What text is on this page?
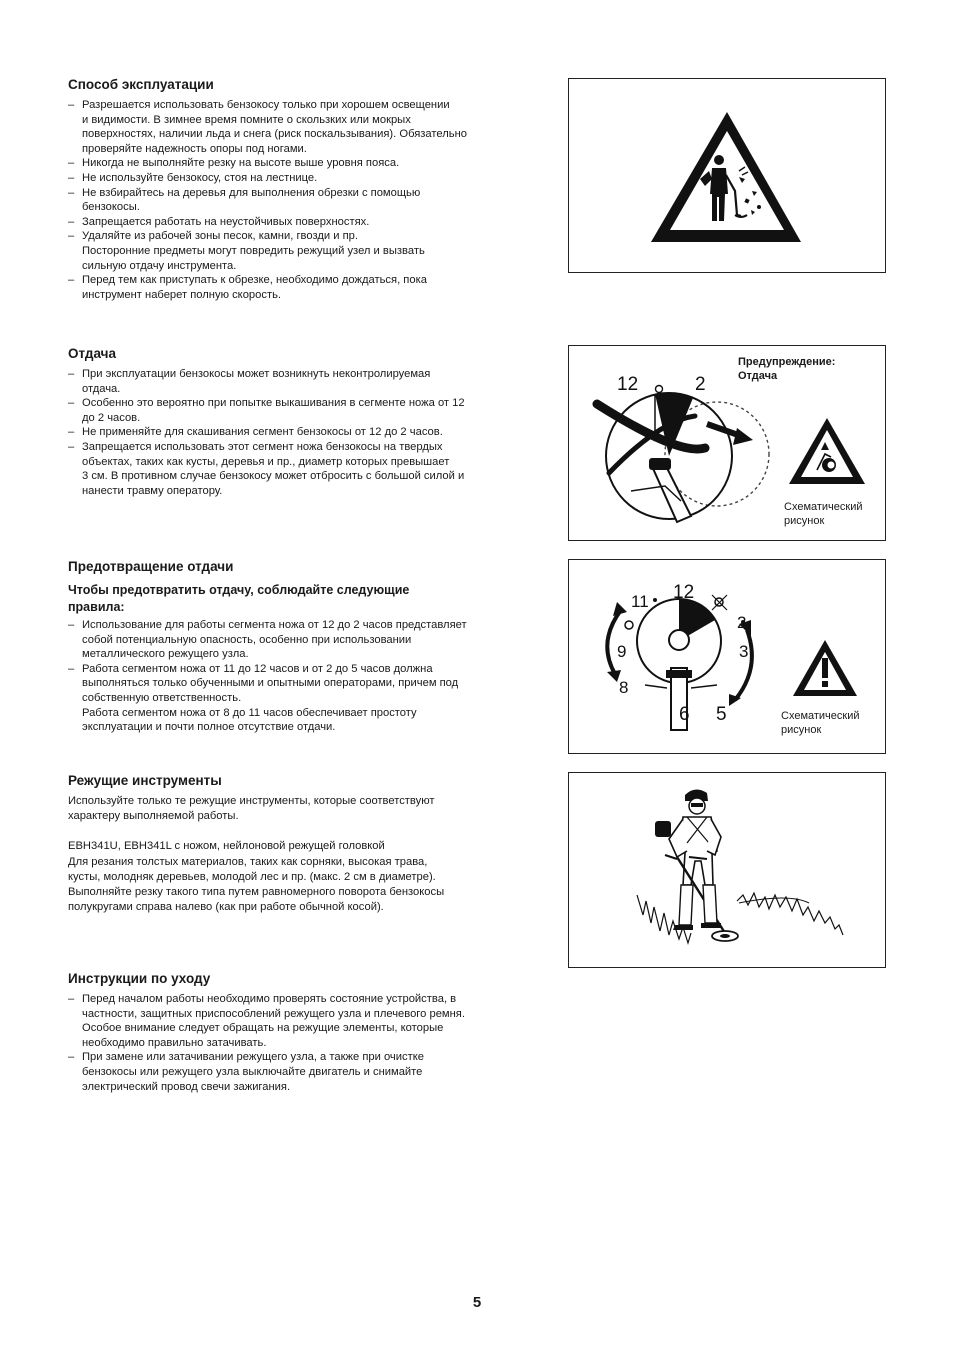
Способ эксплуатации
– Разрешается использовать бензокосу только при хорошем освещении
и видимости. В зимнее время помните о скользких или мокрых
поверхностях, наличии льда и снега (риск поскальзывания). Обязательно
проверяйте надежность опоры под ногами.
– Никогда не выполняйте резку на высоте выше уровня пояса.
– Не используйте бензокосу, стоя на лестнице.
– Не взбирайтесь на деревья для выполнения обрезки с помощью
бензокосы.
– Запрещается работать на неустойчивых поверхностях.
– Удаляйте из рабочей зоны песок, камни, гвозди и пр.
Посторонние предметы могут повредить режущий узел и вызвать
сильную отдачу инструмента.
– Перед тем как приступать к обрезке, необходимо дождаться, пока
инструмент наберет полную скорость.
Отдача
– При эксплуатации бензокосы может возникнуть неконтролируемая
отдача.
– Особенно это вероятно при попытке выкашивания в сегменте ножа от 12
до 2 часов.
– Не применяйте для скашивания сегмент бензокосы от 12 до 2 часов.
– Запрещается использовать этот сегмент ножа бензокосы на твердых
объектах, таких как кусты, деревья и пр., диаметр которых превышает
3 см. В противном случае бензокосу может отбросить с большой силой и
нанести травму оператору.
Предотвращение отдачи
Чтобы предотвратить отдачу, соблюдайте следующие
правила:
– Использование для работы сегмента ножа от 12 до 2 часов представляет
собой потенциальную опасность, особенно при использовании
металлического режущего узла.
– Работа сегментом ножа от 11 до 12 часов и от 2 до 5 часов должна
выполняться только обученными и опытными операторами, причем под
собственную ответственность.
Работа сегментом ножа от 8 до 11 часов обеспечивает простоту
эксплуатации и почти полное отсутствие отдачи.
Режущие инструменты

Используйте только те режущие инструменты, которые соответствуют
характеру выполняемой работы.

EBH341U, EBH341L с ножом, нейлоновой режущей головкой
Для резания толстых материалов, таких как сорняки, высокая трава,
кусты, молодняк деревьев, молодой лес и пр. (макс. 2 см в диаметре).
Выполняйте резку такого типа путем равномерного поворота бензокосы
полукругами справа налево (как при работе обычной косой).

Инструкции по уходу
– Перед началом работы необходимо проверять состояние устройства, в
частности, защитных приспособлений режущего узла и плечевого ремня.
Особое внимание следует обращать на режущие элементы, которые
необходимо правильно затачивать.
– При замене или затачивании режущего узла, а также при очистке
бензокосы или режущего узла выключайте двигатель и снимайте
электрический провод свечи зажигания.
12	2
Предупреждение:
Отдача
Схематический
рисунок
12
11
2
9	3
8
6 5	Схематический
рисунок
5
